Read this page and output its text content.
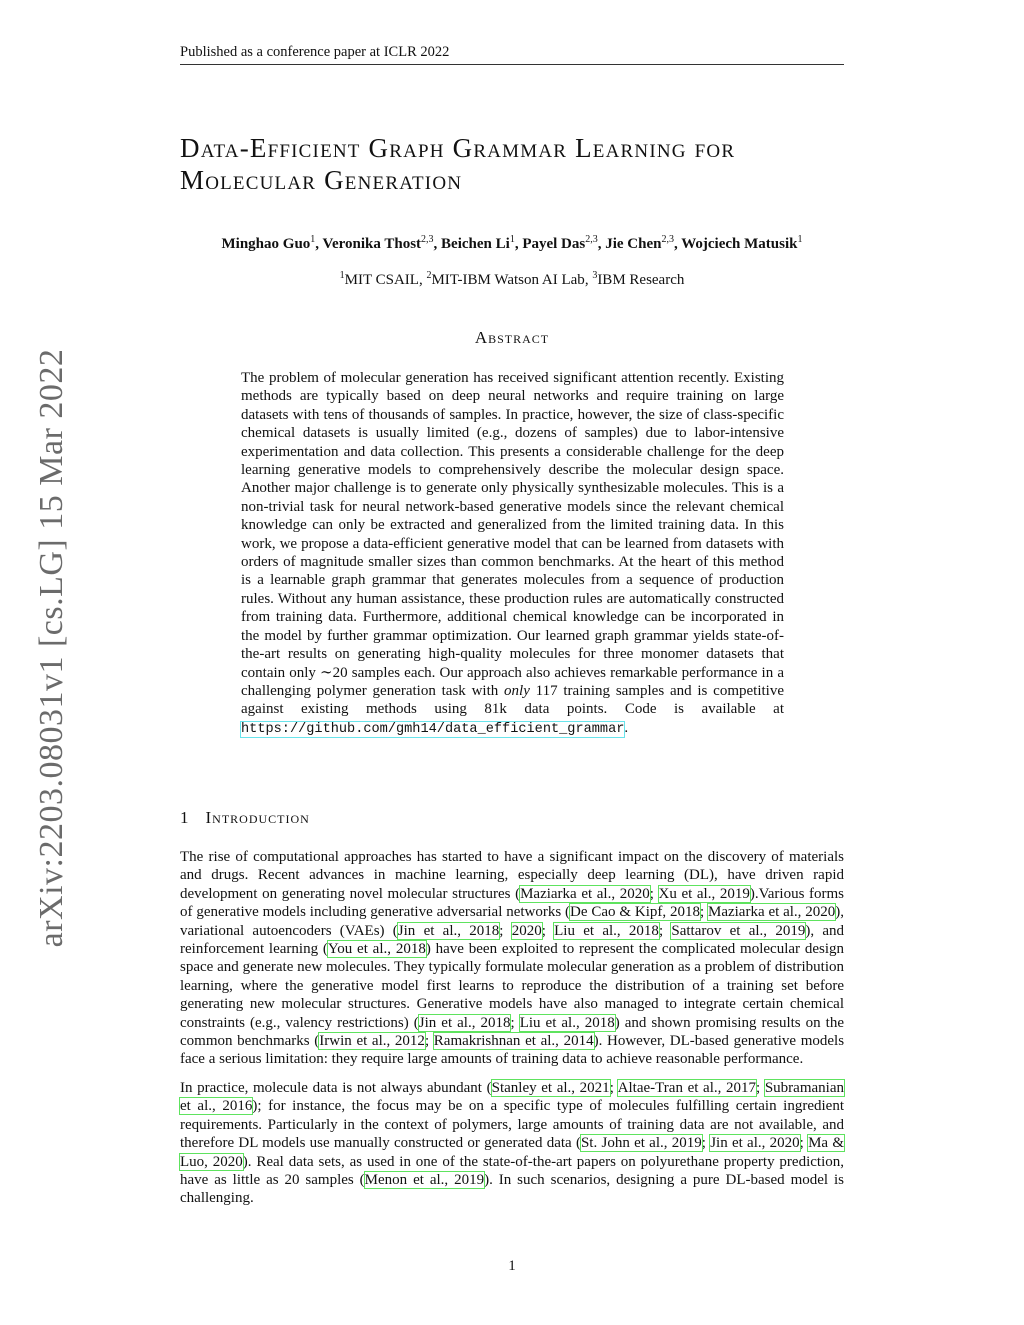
Published as a conference paper at ICLR 2022
arXiv:2203.08031v1 [cs.LG] 15 Mar 2022
Data-Efficient Graph Grammar Learning for
Molecular Generation
Minghao Guo$^1$, Veronika Thost$^{2,3}$, Beichen Li$^1$, Payel Das$^{2,3}$, Jie Chen$^{2,3}$, Wojciech Matusik$^1$
$^1$MIT CSAIL, $^2$MIT-IBM Watson AI Lab, $^3$IBM Research
Abstract
The problem of molecular generation has received significant attention recently. Existing methods are typically based on deep neural networks and require training on large datasets with tens of thousands of samples. In practice, however, the size of class-specific chemical datasets is usually limited (e.g., dozens of samples) due to labor-intensive experimentation and data collection. This presents a considerable challenge for the deep learning generative models to comprehensively describe the molecular design space. Another major challenge is to generate only physically synthesizable molecules. This is a non-trivial task for neural network-based generative models since the relevant chemical knowledge can only be extracted and generalized from the limited training data. In this work, we propose a data-efficient generative model that can be learned from datasets with orders of magnitude smaller sizes than common benchmarks. At the heart of this method is a learnable graph grammar that generates molecules from a sequence of production rules. Without any human assistance, these production rules are automatically constructed from training data. Furthermore, additional chemical knowledge can be incorporated in the model by further grammar optimization. Our learned graph grammar yields state-of-the-art results on generating high-quality molecules for three monomer datasets that contain only ∼20 samples each. Our approach also achieves remarkable performance in a challenging polymer generation task with only 117 training samples and is competitive against existing methods using 81k data points. Code is available at https://github.com/gmh14/data_efficient_grammar.
1 Introduction

The rise of computational approaches has started to have a significant impact on the discovery of materials and drugs. Recent advances in machine learning, especially deep learning (DL), have driven rapid development on generating novel molecular structures (Maziarka et al., 2020; Xu et al., 2019).Various forms of generative models including generative adversarial networks (De Cao & Kipf, 2018; Maziarka et al., 2020), variational autoencoders (VAEs) (Jin et al., 2018; 2020; Liu et al., 2018; Sattarov et al., 2019), and reinforcement learning (You et al., 2018) have been exploited to represent the complicated molecular design space and generate new molecules. They typically formulate molecular generation as a problem of distribution learning, where the generative model first learns to reproduce the distribution of a training set before generating new molecular structures. Generative models have also managed to integrate certain chemical constraints (e.g., valency restrictions) (Jin et al., 2018; Liu et al., 2018) and shown promising results on the common benchmarks (Irwin et al., 2012; Ramakrishnan et al., 2014). However, DL-based generative models face a serious limitation: they require large amounts of training data to achieve reasonable performance.

In practice, molecule data is not always abundant (Stanley et al., 2021; Altae-Tran et al., 2017; Subramanian et al., 2016); for instance, the focus may be on a specific type of molecules fulfilling certain ingredient requirements. Particularly in the context of polymers, large amounts of training data are not available, and therefore DL models use manually constructed or generated data (St. John et al., 2019; Jin et al., 2020; Ma & Luo, 2020). Real data sets, as used in one of the state-of-the-art papers on polyurethane property prediction, have as little as 20 samples (Menon et al., 2019). In such scenarios, designing a pure DL-based model is challenging.

1
